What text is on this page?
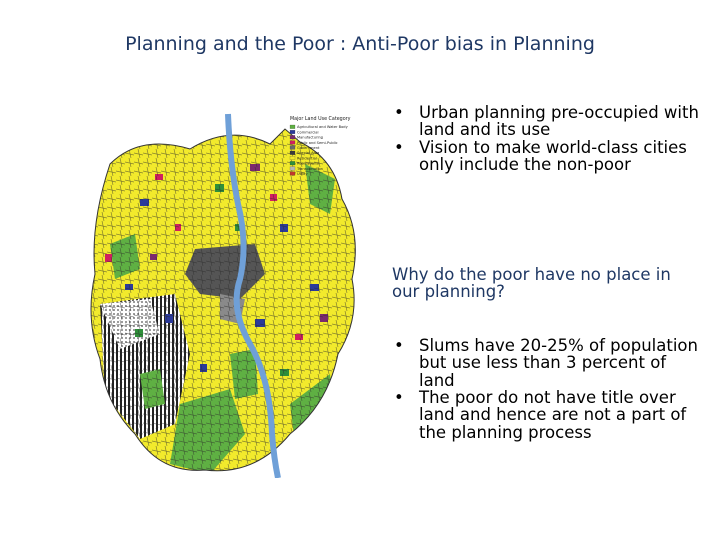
Planning and the Poor : Anti-Poor bias in Planning
Major Land Use Category
Agricultural and Water Body
Commercial
Manufacturing
Public and Semi-Public
Government
Special Area
Residential
Recreational
Transportation
Utility
• Urban planning pre-occupied with land and its use
• Vision to make world-class cities only include the non-poor
Why do the poor have no place in our planning?
• Slums have 20-25% of population but use less than 3 percent of land
• The poor do not have title over land and hence are not a part of the planning process
